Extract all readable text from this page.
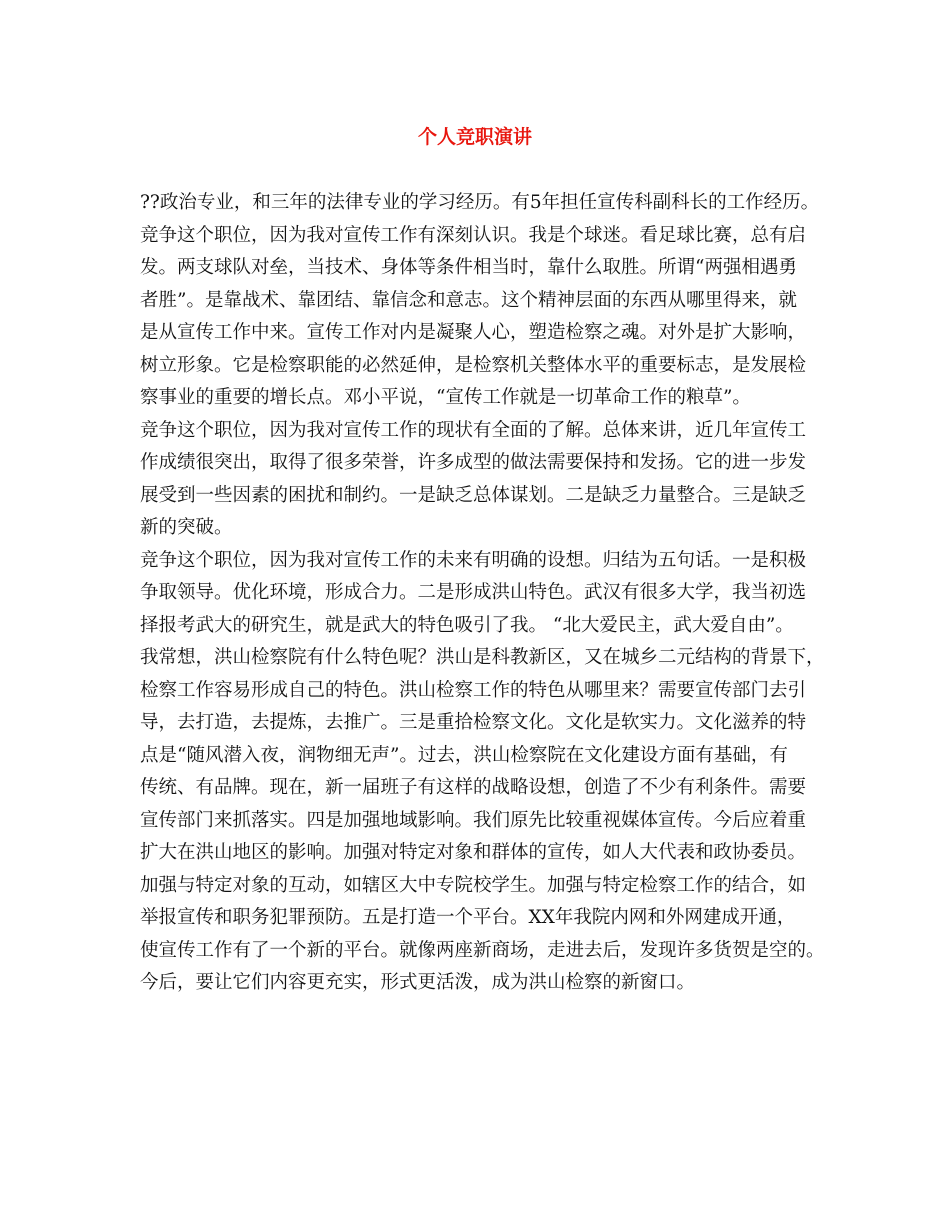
个人竞职演讲

??政治专业，和三年的法律专业的学习经历。有5年担任宣传科副科长的工作经历。

竞争这个职位，因为我对宣传工作有深刻认识。我是个球迷。看足球比赛，总有启

发。两支球队对垒，当技术、身体等条件相当时，靠什么取胜。所谓“两强相遇勇

者胜”。是靠战术、靠团结、靠信念和意志。这个精神层面的东西从哪里得来，就

是从宣传工作中来。宣传工作对内是凝聚人心，塑造检察之魂。对外是扩大影响，

树立形象。它是检察职能的必然延伸，是检察机关整体水平的重要标志，是发展检

察事业的重要的增长点。邓小平说，“宣传工作就是一切革命工作的粮草”。

竞争这个职位，因为我对宣传工作的现状有全面的了解。总体来讲，近几年宣传工

作成绩很突出，取得了很多荣誉，许多成型的做法需要保持和发扬。它的进一步发

展受到一些因素的困扰和制约。一是缺乏总体谋划。二是缺乏力量整合。三是缺乏

新的突破。

竞争这个职位，因为我对宣传工作的未来有明确的设想。归结为五句话。一是积极

争取领导。优化环境，形成合力。二是形成洪山特色。武汉有很多大学，我当初选

择报考武大的研究生，就是武大的特色吸引了我。 “北大爱民主，武大爱自由”。

我常想，洪山检察院有什么特色呢？洪山是科教新区，又在城乡二元结构的背景下，

检察工作容易形成自己的特色。洪山检察工作的特色从哪里来？需要宣传部门去引

导，去打造，去提炼，去推广。三是重拾检察文化。文化是软实力。文化滋养的特

点是“随风潜入夜，润物细无声”。过去，洪山检察院在文化建设方面有基础，有

传统、有品牌。现在，新一届班子有这样的战略设想，创造了不少有利条件。需要

宣传部门来抓落实。四是加强地域影响。我们原先比较重视媒体宣传。今后应着重

扩大在洪山地区的影响。加强对特定对象和群体的宣传，如人大代表和政协委员。

加强与特定对象的互动，如辖区大中专院校学生。加强与特定检察工作的结合，如

举报宣传和职务犯罪预防。五是打造一个平台。XX年我院内网和外网建成开通，

使宣传工作有了一个新的平台。就像两座新商场，走进去后，发现许多货贺是空的。

今后，要让它们内容更充实，形式更活泼，成为洪山检察的新窗口。
